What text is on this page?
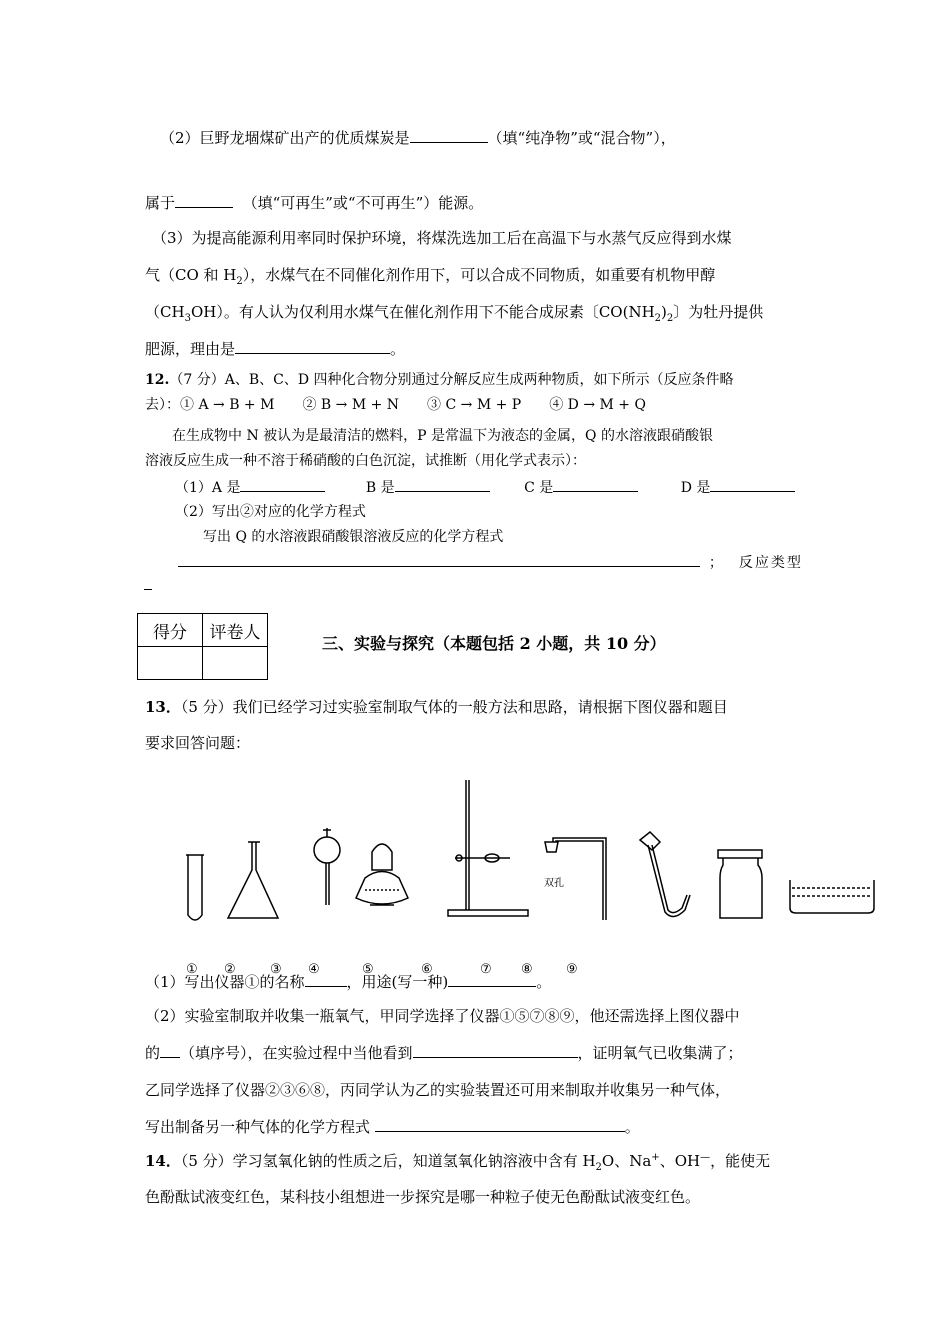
（2）巨野龙堌煤矿出产的优质煤炭是	（填“纯净物”或“混合物”），
属于	（填“可再生”或“不可再生”）能源。
（3）为提高能源利用率同时保护环境，将煤洗选加工后在高温下与水蒸气反应得到水煤
气（CO 和 $H_2$），水煤气在不同催化剂作用下，可以合成不同物质，如重要有机物甲醇
$(CH_3OH)$。有人认为仅利用水煤气在催化剂作用下不能合成尿素〔$CO(NH_2)_2$〕为牡丹提供
肥源，理由是	。
12.（7 分）A、B、C、D 四种化合物分别通过分解反应生成两种物质，如下所示（反应条件略
去）：① A → B + M　　② B → M + N　　③ C → M + P　　④ D → M + Q
在生成物中 N 被认为是最清洁的燃料，P 是常温下为液态的金属，Q 的水溶液跟硝酸银
溶液反应生成一种不溶于稀硝酸的白色沉淀，试推断（用化学式表示）：
（1）A 是	B 是	C 是	D 是
（2）写出②对应的化学方程式
写出 Q 的水溶液跟硝酸银溶液反应的化学方程式
； 反应类型
得分	评卷人

三、实验与探究（本题包括 2 小题，共 10 分）
13．（5 分）我们已经学习过实验室制取气体的一般方法和思路，请根据下图仪器和题目
要求回答问题：
双孔
① ②	③ ④	⑤	⑥	⑦ ⑧	⑨
（1）写出仪器①的名称	，用途(写一种)	。
（2）实验室制取并收集一瓶氧气，甲同学选择了仪器①⑤⑦⑧⑨，他还需选择上图仪器中
的 （填序号），在实验过程中当他看到	，证明氧气已收集满了；
乙同学选择了仪器②③⑥⑧，丙同学认为乙的实验装置还可用来制取并收集另一种气体，
写出制备另一种气体的化学方程式	。
14．（5 分）学习氢氧化钠的性质之后，知道氢氧化钠溶液中含有 $H_2O$、Na+、OH—，能使无
色酚酞试液变红色，某科技小组想进一步探究是哪一种粒子使无色酚酞试液变红色。
